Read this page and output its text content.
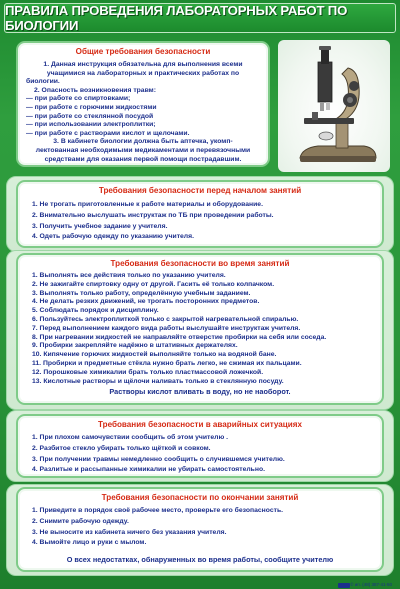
ПРАВИЛА ПРОВЕДЕНИЯ ЛАБОРАТОРНЫХ РАБОТ ПО БИОЛОГИИ
Общие требования безопасности
1. Данная инструкция обязательна для выполнения всеми
учащимися на лабораторных и практических работах по
биологии.
2. Опасность возникновения травм:
— при работе со спиртовками;
— при работе с горючими жидкостями
— при работе со стеклянной посудой
— при использовании электроплитки;
— при работе с растворами кислот и щелочами.
3. В кабинете биологии должна быть аптечка, укомп-
лектованная необходимыми медикаментами и перевязочными
средствами для оказания первой помощи пострадавшим.
Требования безопасности перед началом занятий
1. Не трогать приготовленные к работе материалы и оборудование.
2. Внимательно выслушать инструктаж по ТБ при проведении работы.
3. Получить учебное задание у учителя.
4. Одеть рабочую одежду по указанию учителя.
Требования безопасности во время занятий
1. Выполнять все действия только по указанию учителя.
2. Не зажигайте спиртовку одну от другой. Гасить её только колпачком.
3. Выполнять только работу, определённую учебным заданием.
4. Не делать резких движений, не трогать посторонних предметов.
5. Соблюдать порядок и дисциплину.
6. Пользуйтесь электроплиткой только с закрытой нагревательной спиралью.
7. Перед выполнением каждого вида работы выслушайте инструктаж учителя.
8. При нагревании жидкостей не направляйте отверстие пробирки на себя или соседа.
9. Пробирки закрепляйте надёжно в штативных держателях.
10. Кипячение горючих жидкостей выполняйте только на водяной бане.
11. Пробирки и предметные стёкла нужно брать легко, не сжимая их пальцами.
12. Порошковые химикалии брать только пластмассовой ложечкой.
13. Кислотные растворы и щёлочи наливать только в стеклянную посуду.
Растворы кислот вливать в воду, но не наоборот.
Требования безопасности в аварийных ситуациях
1. При плохом самочувствии сообщить об этом учителю .
2. Разбитое стекло убирать только щёткой и совком.
3. При получении травмы немедленно сообщить о случившемся учителю.
4. Разлитые и рассыпанные химикалии не убирать самостоятельно.
Требования безопасности по окончании занятий
1. Приведите в порядок своё рабочее место, проверьте его безопасность.
2. Снимите рабочую одежду.
3. Не выносите из кабинета ничего без указания учителя.
4. Вымойте лицо и руки с мылом.
О всех недостатках, обнаруженных во время работы, сообщите учителю
© ип. (48) 387-41-50
